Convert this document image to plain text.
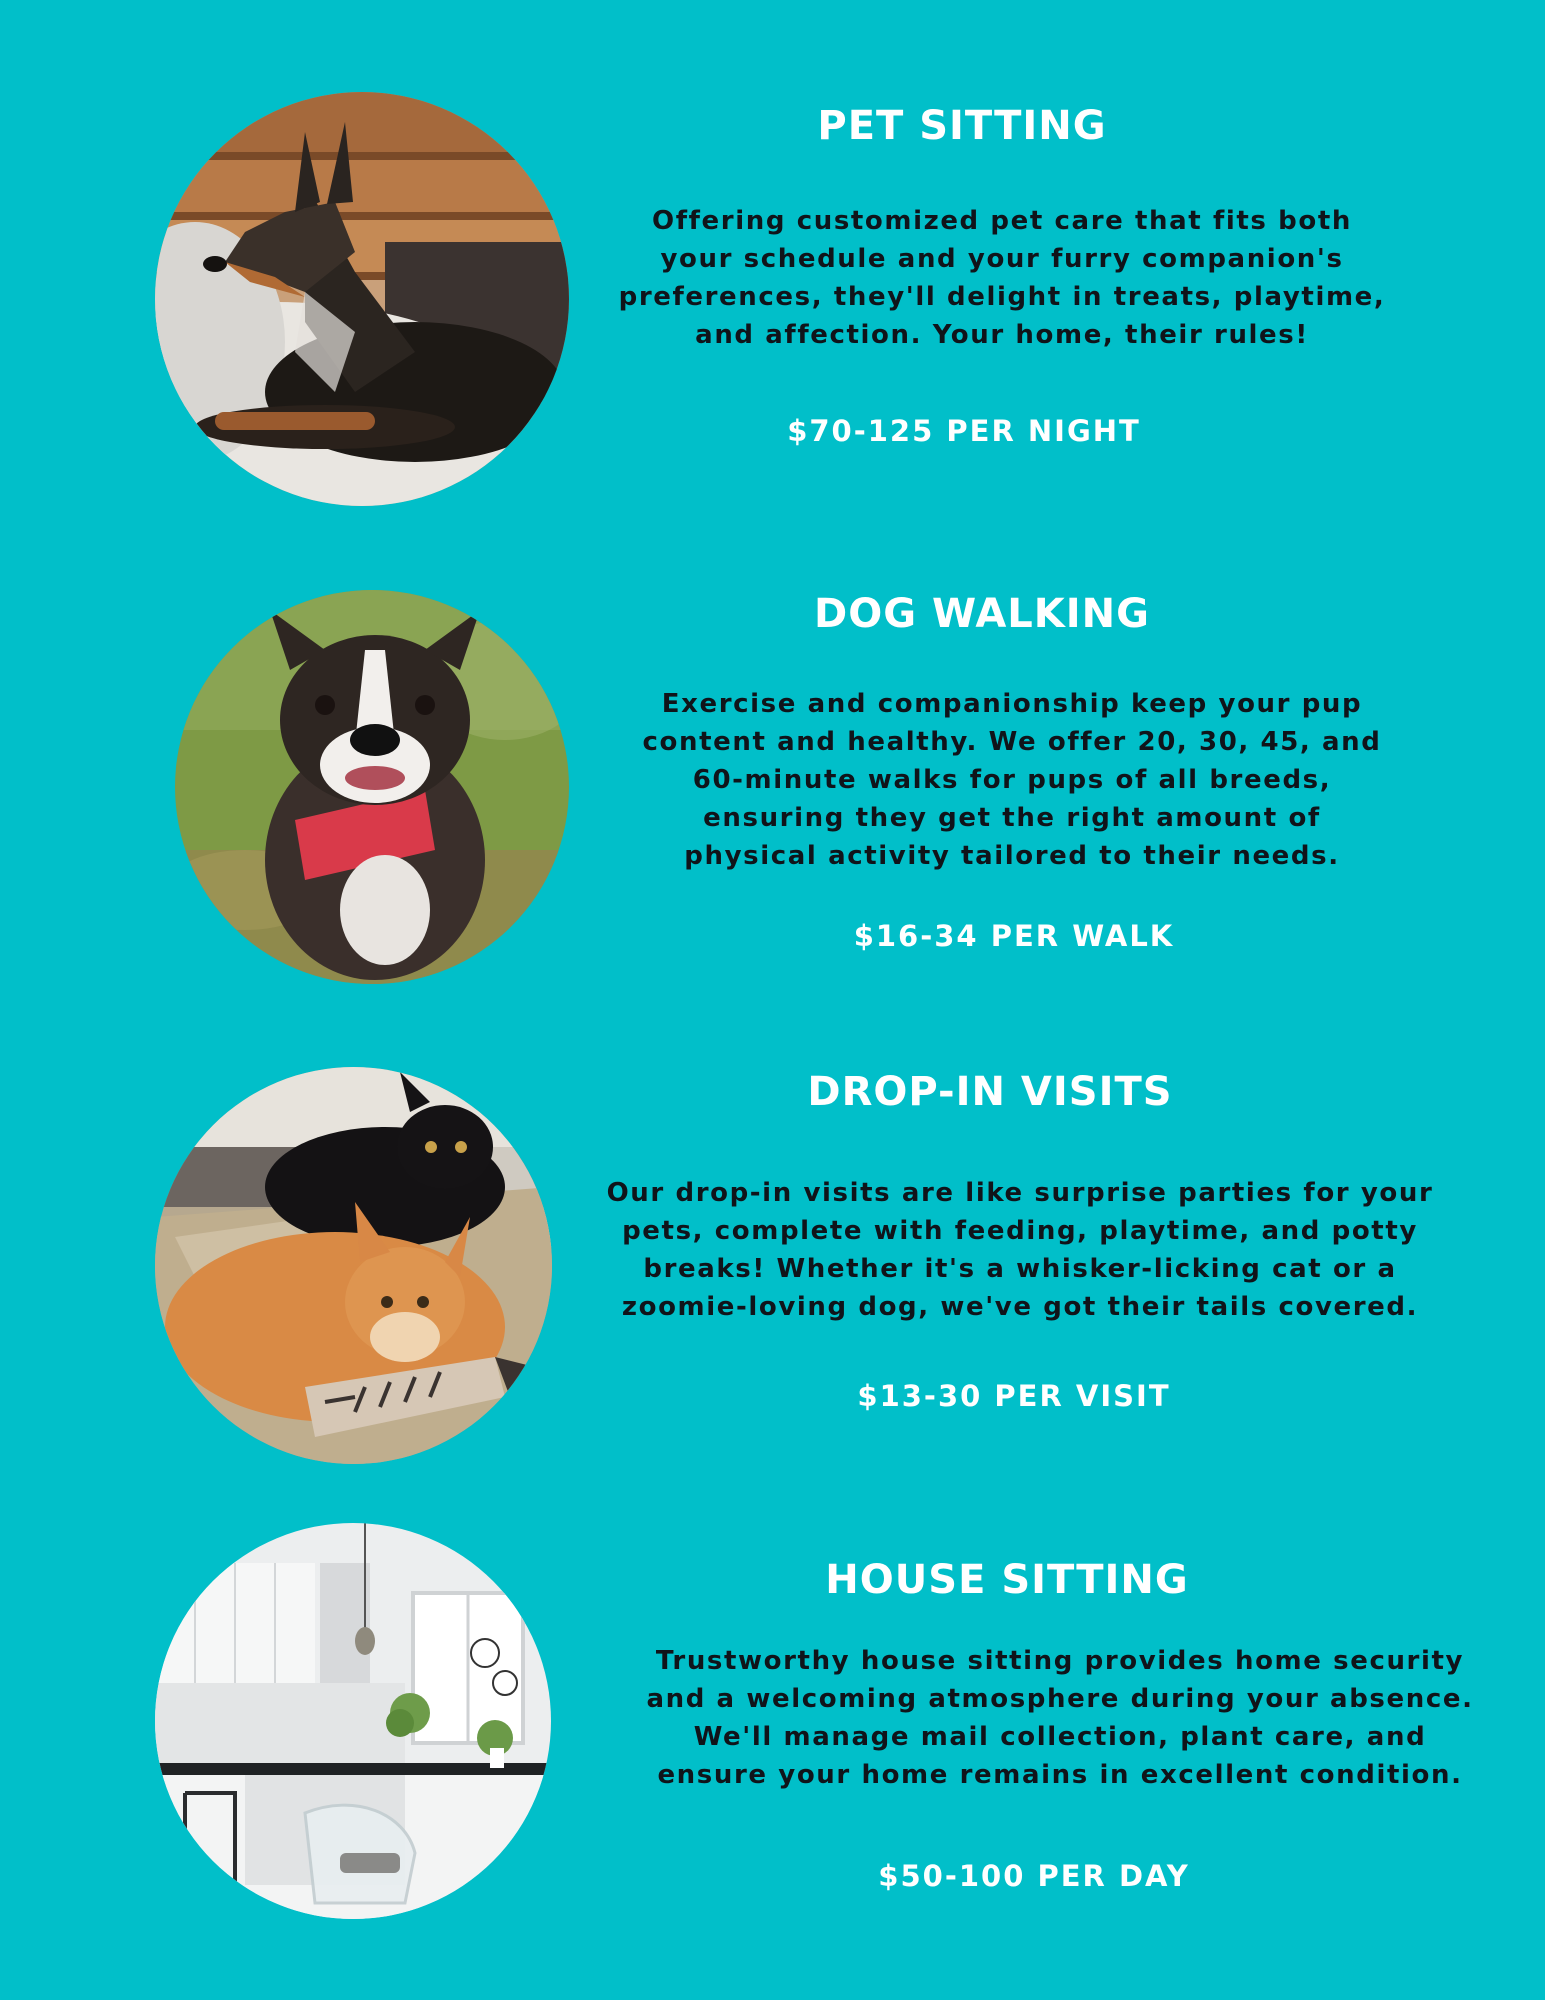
PET SITTING
Offering customized pet care that fits both
your schedule and your furry companion's
preferences, they'll delight in treats, playtime,
and affection. Your home, their rules!
$70-125 PER NIGHT
DOG WALKING
Exercise and companionship keep your pup
content and healthy. We offer 20, 30, 45, and
60-minute walks for pups of all breeds,
ensuring they get the right amount of
physical activity tailored to their needs.
$16-34 PER WALK
DROP-IN VISITS
Our drop-in visits are like surprise parties for your
pets, complete with feeding, playtime, and potty
breaks! Whether it's a whisker-licking cat or a
zoomie-loving dog, we've got their tails covered.
$13-30 PER VISIT
HOUSE SITTING
Trustworthy house sitting provides home security
and a welcoming atmosphere during your absence.
We'll manage mail collection, plant care, and
ensure your home remains in excellent condition.
$50-100 PER DAY
